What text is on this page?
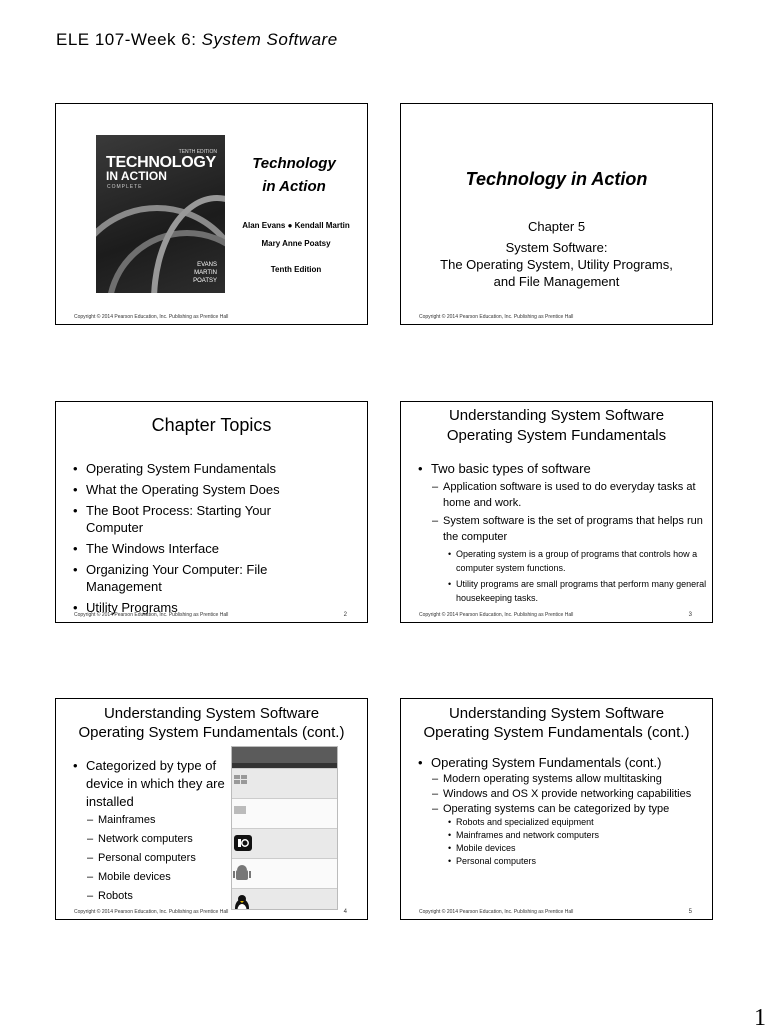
ELE 107-Week 6: System Software
TENTH EDITION
TECHNOLOGY
IN ACTION
COMPLETE
EVANS
MARTIN
POATSY
Technology
in Action
Alan Evans ● Kendall Martin
Mary Anne Poatsy
Tenth Edition
Copyright © 2014 Pearson Education, Inc. Publishing as Prentice Hall
Technology in Action
Chapter 5
System Software:
The Operating System, Utility Programs,
and File Management
Copyright © 2014 Pearson Education, Inc. Publishing as Prentice Hall
Chapter Topics
• Operating System Fundamentals
• What the Operating System Does
• The Boot Process: Starting Your Computer
• The Windows Interface
• Organizing Your Computer: File Management
• Utility Programs
Copyright © 2014 Pearson Education, Inc. Publishing as Prentice Hall	2
Understanding System Software
Operating System Fundamentals
• Two basic types of software
– Application software is used to do everyday tasks at home and work.
– System software is the set of programs that helps run the computer
• Operating system is a group of programs that controls how a computer system functions.
• Utility programs are small programs that perform many general housekeeping tasks.
Copyright © 2014 Pearson Education, Inc. Publishing as Prentice Hall	3
Understanding System Software
Operating System Fundamentals (cont.)
• Categorized by type of device in which they are installed
– Mainframes
– Network computers
– Personal computers
– Mobile devices
– Robots
Copyright © 2014 Pearson Education, Inc. Publishing as Prentice Hall	4
Understanding System Software
Operating System Fundamentals (cont.)
• Operating System Fundamentals (cont.)
– Modern operating systems allow multitasking
– Windows and OS X provide networking capabilities
– Operating systems can be categorized by type
• Robots and specialized equipment
• Mainframes and network computers
• Mobile devices
• Personal computers
Copyright © 2014 Pearson Education, Inc. Publishing as Prentice Hall	5
1
